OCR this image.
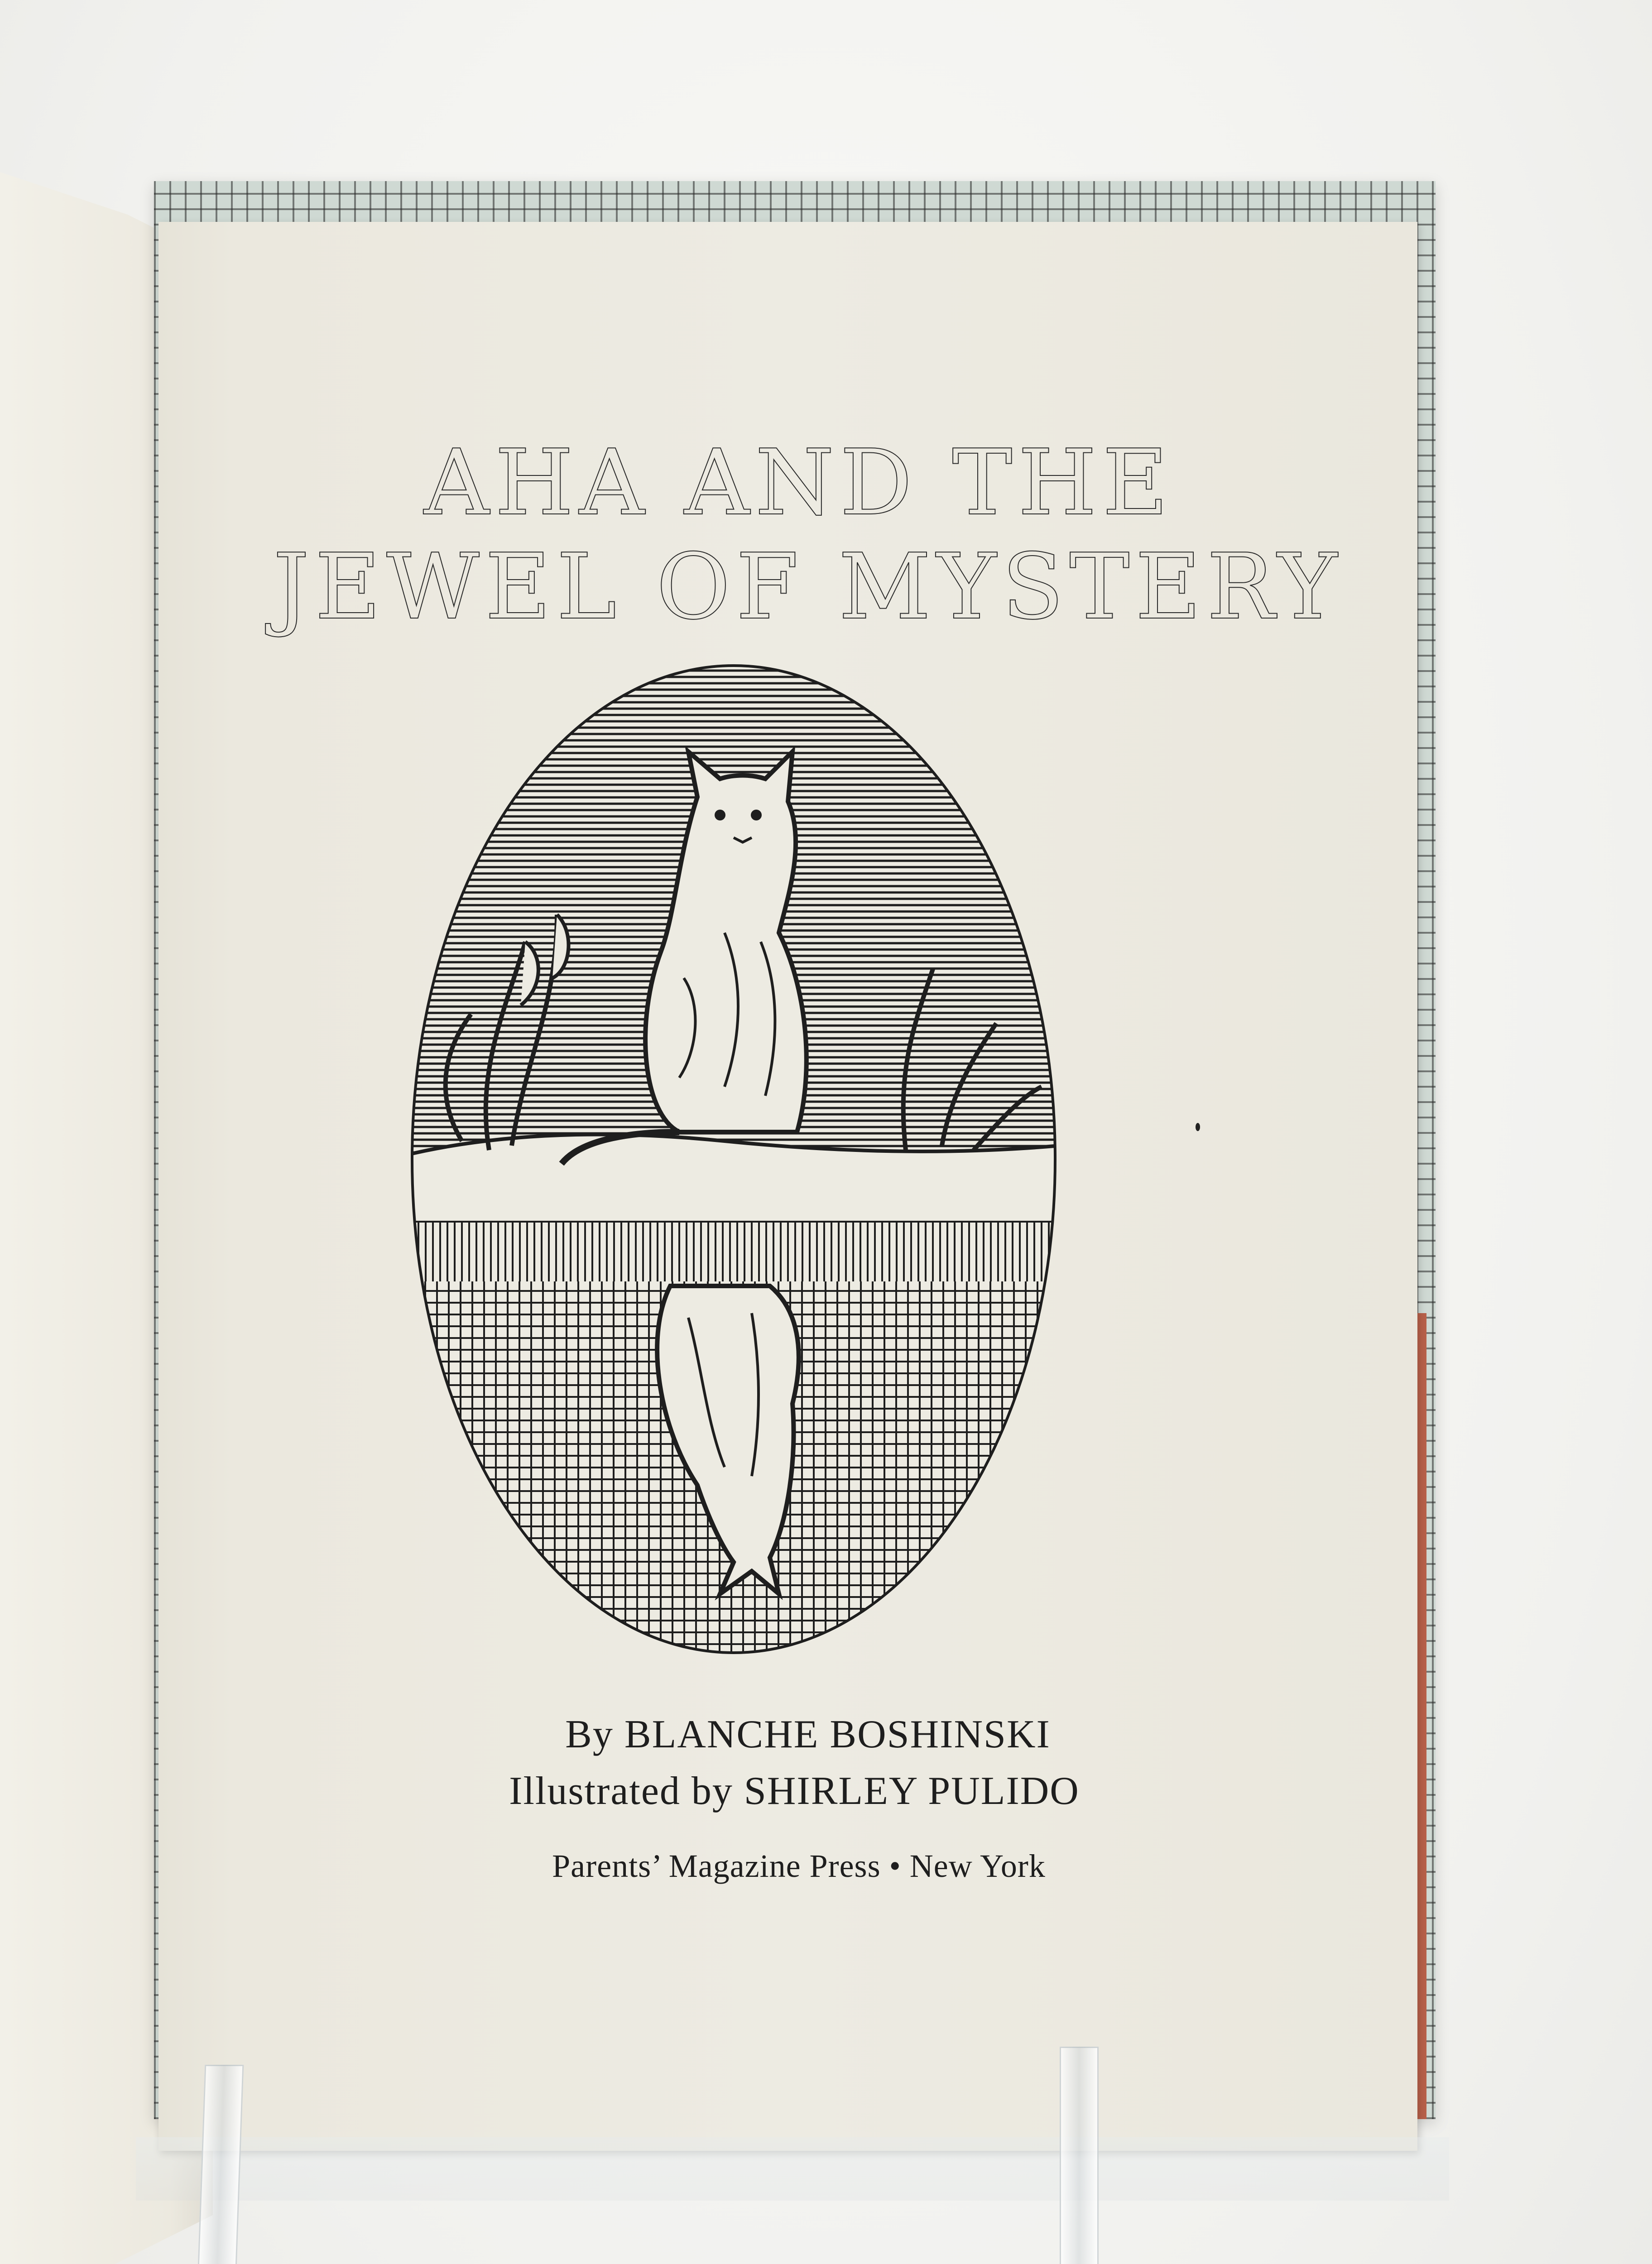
AHA AND THE
JEWEL OF MYSTERY
By BLANCHE BOSHINSKI
Illustrated by SHIRLEY PULIDO
Parents’ Magazine Press • New York
